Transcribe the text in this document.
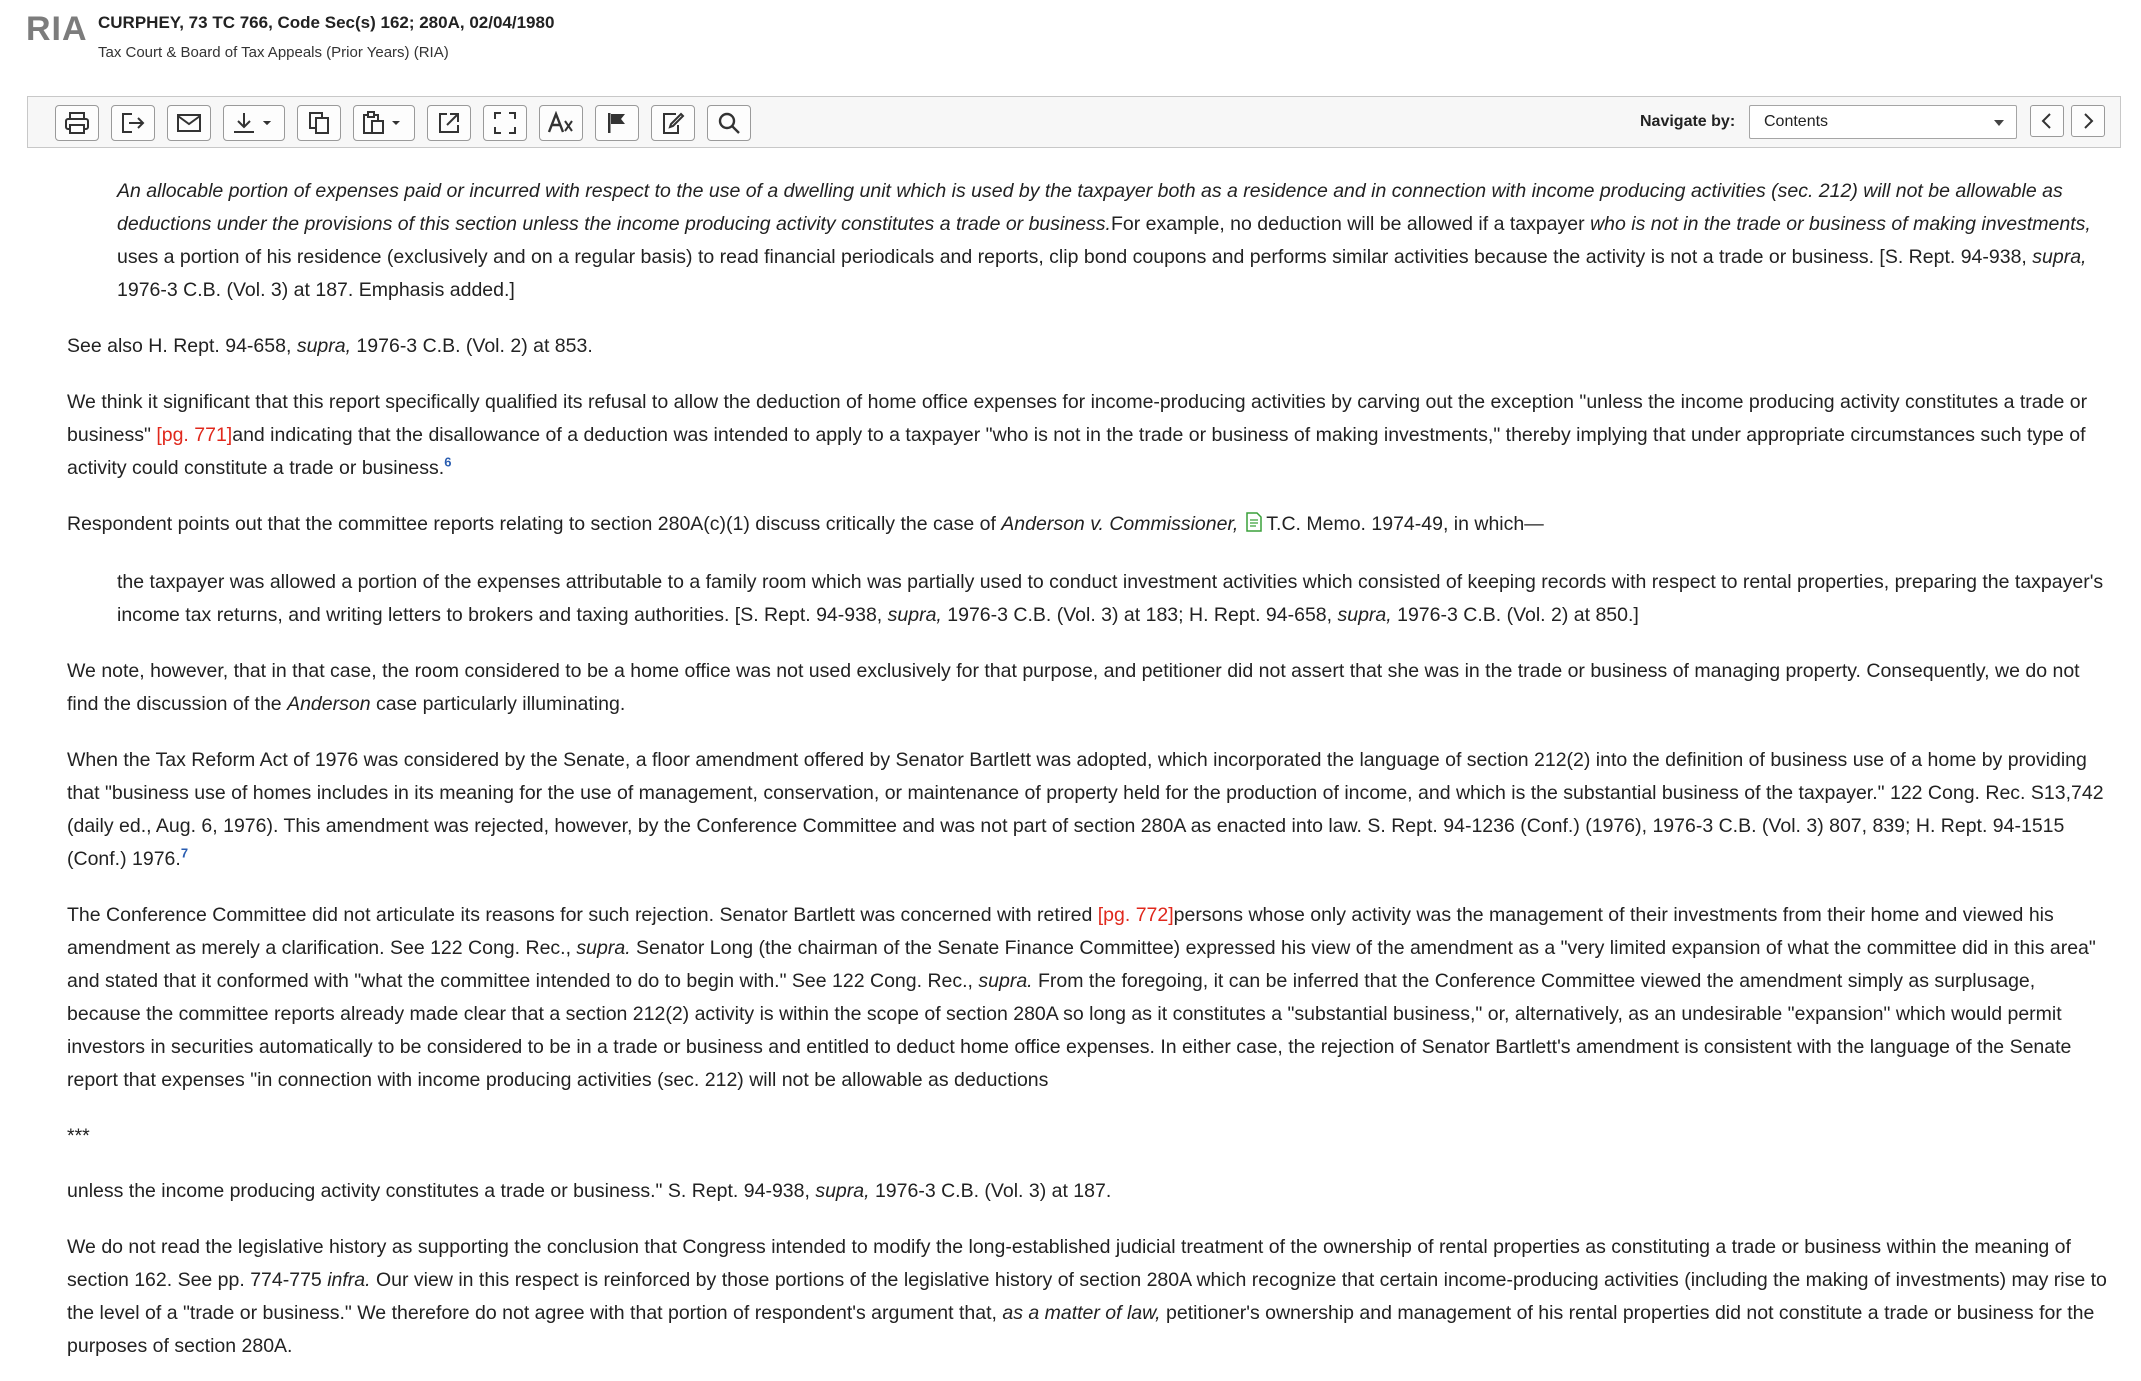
RIA CURPHEY, 73 TC 766, Code Sec(s) 162; 280A, 02/04/1980
Tax Court & Board of Tax Appeals (Prior Years) (RIA)
Navigate by:	Contents

An allocable portion of expenses paid or incurred with respect to the use of a dwelling unit which is used by the taxpayer both as a residence and in connection with income producing activities (sec. 212) will not be allowable as deductions under the provisions of this section unless the income producing activity constitutes a trade or business.For example, no deduction will be allowed if a taxpayer who is not in the trade or business of making investments, uses a portion of his residence (exclusively and on a regular basis) to read financial periodicals and reports, clip bond coupons and performs similar activities because the activity is not a trade or business. [S. Rept. 94-938, supra, 1976-3 C.B. (Vol. 3) at 187. Emphasis added.]

See also H. Rept. 94-658, supra, 1976-3 C.B. (Vol. 2) at 853.

We think it significant that this report specifically qualified its refusal to allow the deduction of home office expenses for income-producing activities by carving out the exception "unless the income producing activity constitutes a trade or business" [pg. 771]and indicating that the disallowance of a deduction was intended to apply to a taxpayer "who is not in the trade or business of making investments," thereby implying that under appropriate circumstances such type of activity could constitute a trade or business.$^6$

Respondent points out that the committee reports relating to section 280A(c)(1) discuss critically the case of Anderson v. Commissioner, T.C. Memo. 1974-49, in which—

the taxpayer was allowed a portion of the expenses attributable to a family room which was partially used to conduct investment activities which consisted of keeping records with respect to rental properties, preparing the taxpayer's income tax returns, and writing letters to brokers and taxing authorities. [S. Rept. 94-938, supra, 1976-3 C.B. (Vol. 3) at 183; H. Rept. 94-658, supra, 1976-3 C.B. (Vol. 2) at 850.]

We note, however, that in that case, the room considered to be a home office was not used exclusively for that purpose, and petitioner did not assert that she was in the trade or business of managing property. Consequently, we do not find the discussion of the Anderson case particularly illuminating.

When the Tax Reform Act of 1976 was considered by the Senate, a floor amendment offered by Senator Bartlett was adopted, which incorporated the language of section 212(2) into the definition of business use of a home by providing that "business use of homes includes in its meaning for the use of management, conservation, or maintenance of property held for the production of income, and which is the substantial business of the taxpayer." 122 Cong. Rec. S13,742 (daily ed., Aug. 6, 1976). This amendment was rejected, however, by the Conference Committee and was not part of section 280A as enacted into law. S. Rept. 94-1236 (Conf.) (1976), 1976-3 C.B. (Vol. 3) 807, 839; H. Rept. 94-1515 (Conf.) 1976.$^7$

The Conference Committee did not articulate its reasons for such rejection. Senator Bartlett was concerned with retired [pg. 772]persons whose only activity was the management of their investments from their home and viewed his amendment as merely a clarification. See 122 Cong. Rec., supra. Senator Long (the chairman of the Senate Finance Committee) expressed his view of the amendment as a "very limited expansion of what the committee did in this area" and stated that it conformed with "what the committee intended to do to begin with." See 122 Cong. Rec., supra. From the foregoing, it can be inferred that the Conference Committee viewed the amendment simply as surplusage, because the committee reports already made clear that a section 212(2) activity is within the scope of section 280A so long as it constitutes a "substantial business," or, alternatively, as an undesirable "expansion" which would permit investors in securities automatically to be considered to be in a trade or business and entitled to deduct home office expenses. In either case, the rejection of Senator Bartlett's amendment is consistent with the language of the Senate report that expenses "in connection with income producing activities (sec. 212) will not be allowable as deductions

***

unless the income producing activity constitutes a trade or business." S. Rept. 94-938, supra, 1976-3 C.B. (Vol. 3) at 187.

We do not read the legislative history as supporting the conclusion that Congress intended to modify the long-established judicial treatment of the ownership of rental properties as constituting a trade or business within the meaning of section 162. See pp. 774-775 infra. Our view in this respect is reinforced by those portions of the legislative history of section 280A which recognize that certain income-producing activities (including the making of investments) may rise to the level of a "trade or business." We therefore do not agree with that portion of respondent's argument that, as a matter of law, petitioner's ownership and management of his rental properties did not constitute a trade or business for the purposes of section 280A.
